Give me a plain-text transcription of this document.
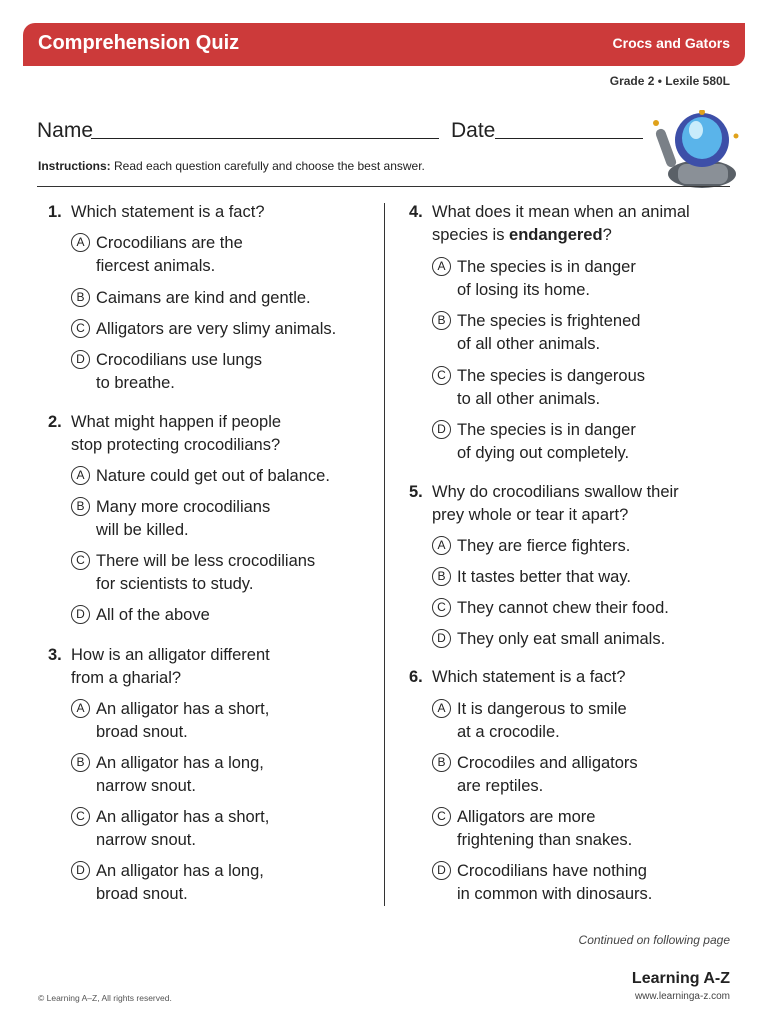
Comprehension Quiz	Crocs and Gators
Grade 2 • Lexile 580L
Name	Date
Instructions: Read each question carefully and choose the best answer.
1. Which statement is a fact?
A Crocodilians are the
fiercest animals.
B Caimans are kind and gentle.
C Alligators are very slimy animals.
D Crocodilians use lungs
to breathe.
2. What might happen if people
stop protecting crocodilians?
A Nature could get out of balance.
B Many more crocodilians
will be killed.
C There will be less crocodilians
for scientists to study.
D All of the above
3. How is an alligator different
from a gharial?
A An alligator has a short,
broad snout.
B An alligator has a long,
narrow snout.
C An alligator has a short,
narrow snout.
D An alligator has a long,
broad snout.
4. What does it mean when an animal
species is endangered?
A The species is in danger
of losing its home.
B The species is frightened
of all other animals.
C The species is dangerous
to all other animals.
D The species is in danger
of dying out completely.
5. Why do crocodilians swallow their
prey whole or tear it apart?
A They are fierce fighters.
B It tastes better that way.
C They cannot chew their food.
D They only eat small animals.
6. Which statement is a fact?
A It is dangerous to smile
at a crocodile.
B Crocodiles and alligators
are reptiles.
C Alligators are more
frightening than snakes.
D Crocodilians have nothing
in common with dinosaurs.
Continued on following page
© Learning A–Z, All rights reserved.
Learning A-Z
www.learninga-z.com
